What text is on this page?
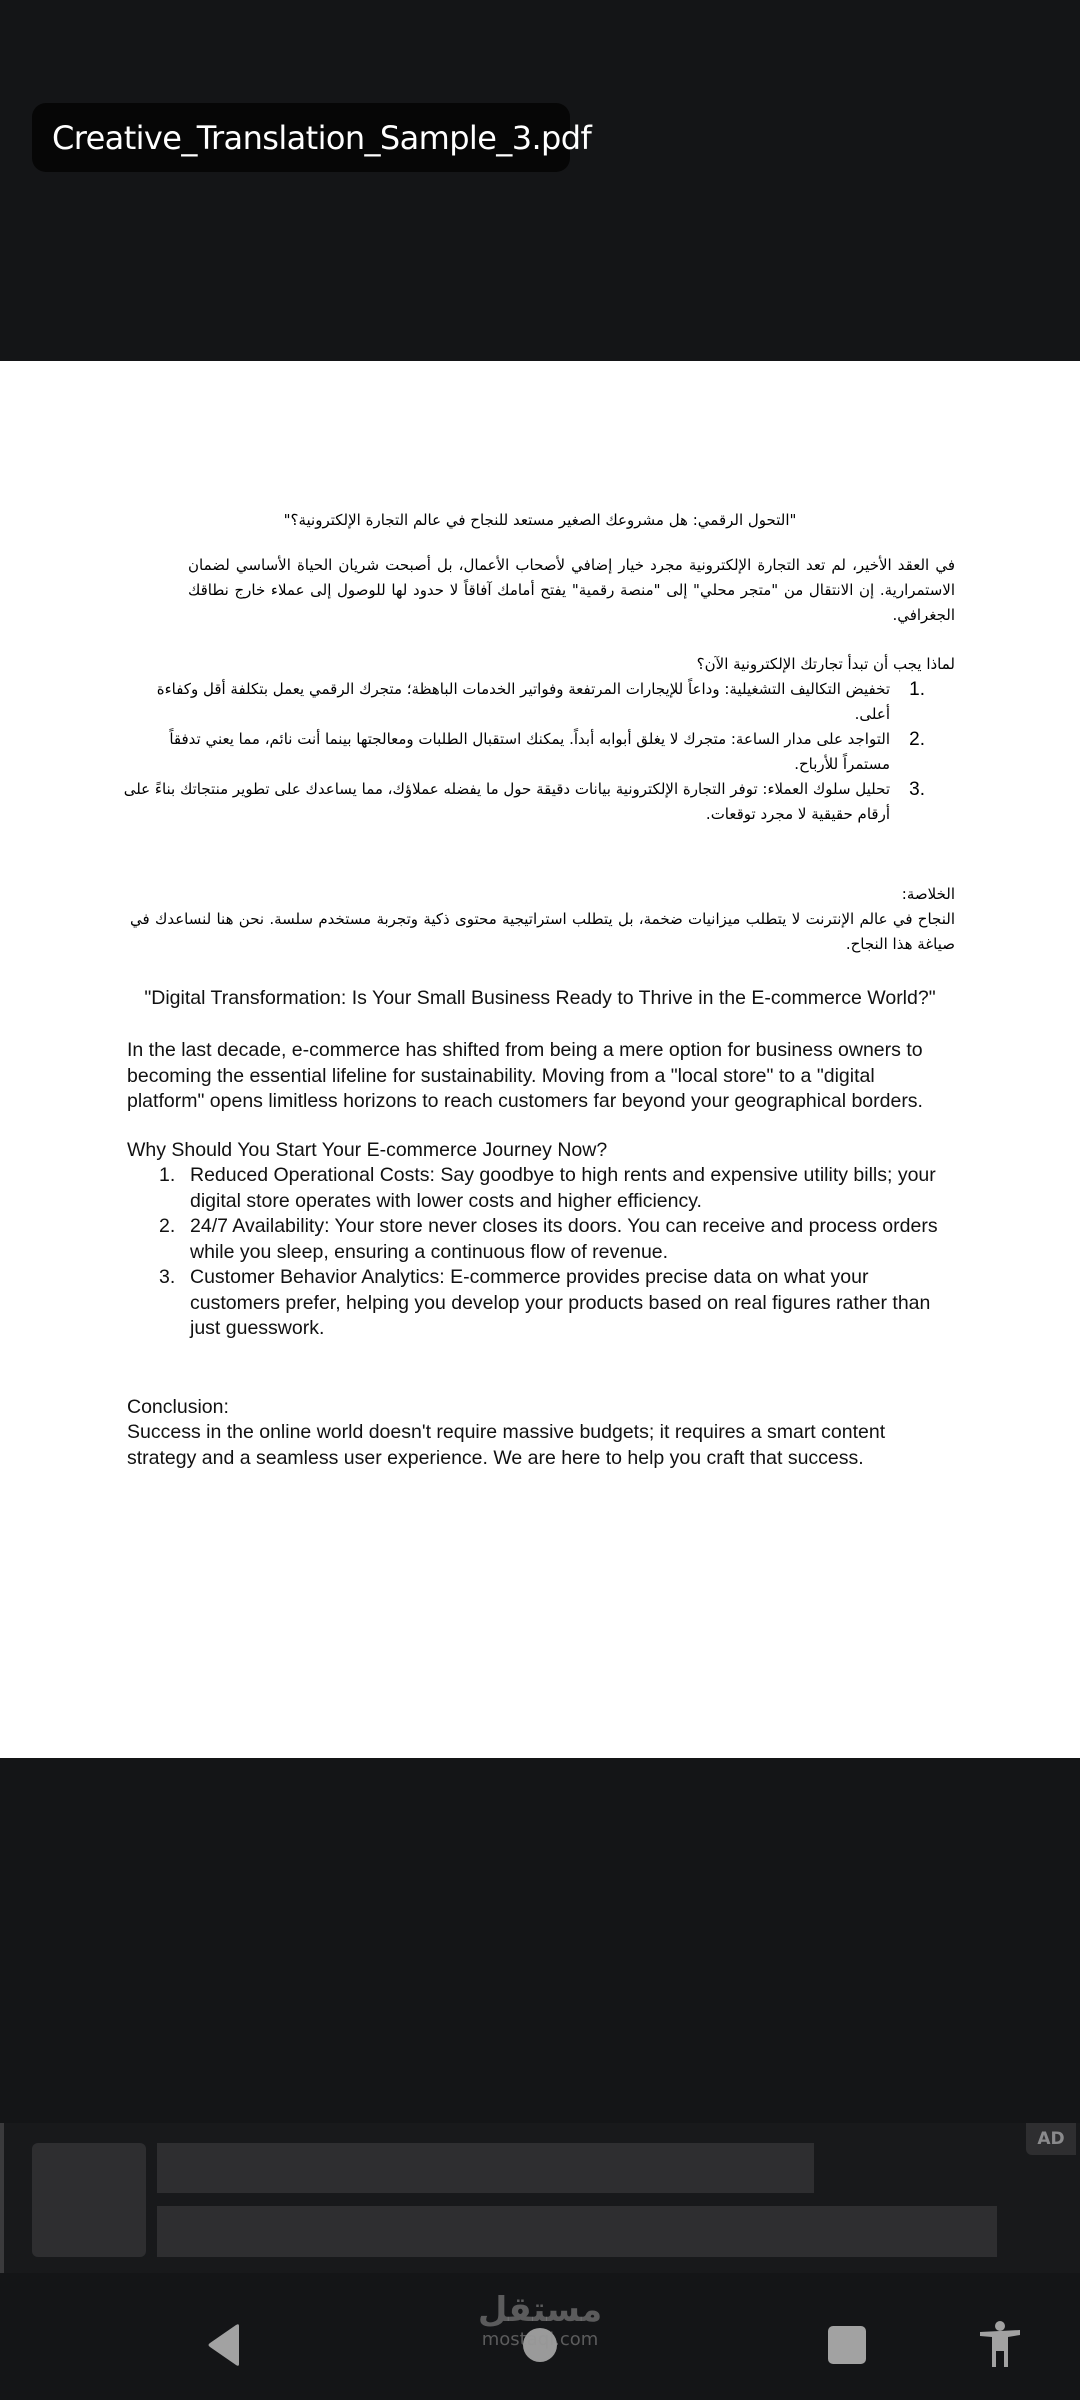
Creative_Translation_Sample_3.pdf
"التحول الرقمي: هل مشروعك الصغير مستعد للنجاح في عالم التجارة الإلكترونية؟"
في العقد الأخير، لم تعد التجارة الإلكترونية مجرد خيار إضافي لأصحاب الأعمال، بل أصبحت شريان الحياة الأساسي لضمان الاستمرارية. إن الانتقال من "متجر محلي" إلى "منصة رقمية" يفتح أمامك آفاقاً لا حدود لها للوصول إلى عملاء خارج نطاقك الجغرافي.
لماذا يجب أن تبدأ تجارتك الإلكترونية الآن؟
1.
تخفيض التكاليف التشغيلية: وداعاً للإيجارات المرتفعة وفواتير الخدمات الباهظة؛ متجرك الرقمي يعمل بتكلفة أقل وكفاءة أعلى.
2.
التواجد على مدار الساعة: متجرك لا يغلق أبوابه أبداً. يمكنك استقبال الطلبات ومعالجتها بينما أنت نائم، مما يعني تدفقاً مستمراً للأرباح.
3.
تحليل سلوك العملاء: توفر التجارة الإلكترونية بيانات دقيقة حول ما يفضله عملاؤك، مما يساعدك على تطوير منتجاتك بناءً على أرقام حقيقية لا مجرد توقعات.
الخلاصة:
النجاح في عالم الإنترنت لا يتطلب ميزانيات ضخمة، بل يتطلب استراتيجية محتوى ذكية وتجربة مستخدم سلسة. نحن هنا لنساعدك في صياغة هذا النجاح.
"Digital Transformation: Is Your Small Business Ready to Thrive in the E-commerce World?"
In the last decade, e-commerce has shifted from being a mere option for business owners to becoming the essential lifeline for sustainability. Moving from a "local store" to a "digital platform" opens limitless horizons to reach customers far beyond your geographical borders.
Why Should You Start Your E-commerce Journey Now?
1. Reduced Operational Costs: Say goodbye to high rents and expensive utility bills; your digital store operates with lower costs and higher efficiency.
2. 24/7 Availability: Your store never closes its doors. You can receive and process orders while you sleep, ensuring a continuous flow of revenue.
3. Customer Behavior Analytics: E-commerce provides precise data on what your customers prefer, helping you develop your products based on real figures rather than just guesswork.
Conclusion:
Success in the online world doesn't require massive budgets; it requires a smart content strategy and a seamless user experience. We are here to help you craft that success.
AD
مستقل
mostaql.com
